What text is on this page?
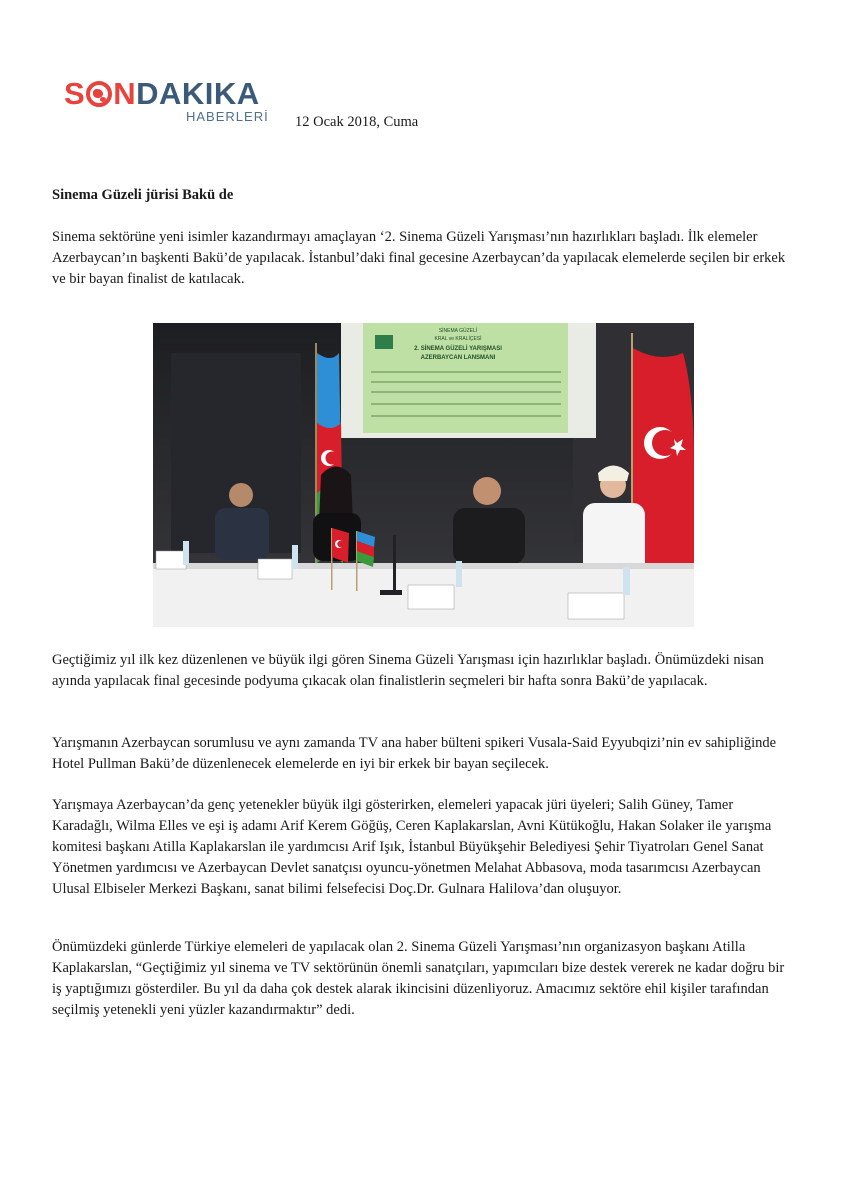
S NDAKIKA
HABERLERİ 12 Ocak 2018, Cuma
Sinema Güzeli jürisi Bakü de

Sinema sektörüne yeni isimler kazandırmayı amaçlayan ‘2. Sinema Güzeli Yarışması’nın hazırlıkları başladı. İlk elemeler Azerbaycan’ın başkenti Bakü’de yapılacak. İstanbul’daki final gecesine Azerbaycan’da yapılacak elemelerde seçilen bir erkek ve bir bayan finalist de katılacak.

SİNEMA GÜZELİ
KRAL ve KRALİÇESİ
2. SİNEMA GÜZELİ YARIŞMASI
AZERBAYCAN LANSMANI

Geçtiğimiz yıl ilk kez düzenlenen ve büyük ilgi gören Sinema Güzeli Yarışması için hazırlıklar başladı. Önümüzdeki nisan ayında yapılacak final gecesinde podyuma çıkacak olan finalistlerin seçmeleri bir hafta sonra Bakü’de yapılacak.

Yarışmanın Azerbaycan sorumlusu ve aynı zamanda TV ana haber bülteni spikeri Vusala-Said Eyyubqizi’nin ev sahipliğinde Hotel Pullman Bakü’de düzenlenecek elemelerde en iyi bir erkek bir bayan seçilecek.

Yarışmaya Azerbaycan’da genç yetenekler büyük ilgi gösterirken, elemeleri yapacak jüri üyeleri; Salih Güney, Tamer Karadağlı, Wilma Elles ve eşi iş adamı Arif Kerem Göğüş, Ceren Kaplakarslan, Avni Kütükoğlu, Hakan Solaker ile yarışma komitesi başkanı Atilla Kaplakarslan ile yardımcısı Arif Işık, İstanbul Büyükşehir Belediyesi Şehir Tiyatroları Genel Sanat Yönetmen yardımcısı ve Azerbaycan Devlet sanatçısı oyuncu-yönetmen Melahat Abbasova, moda tasarımcısı Azerbaycan Ulusal Elbiseler Merkezi Başkanı, sanat bilimi felsefecisi Doç.Dr. Gulnara Halilova’dan oluşuyor.

Önümüzdeki günlerde Türkiye elemeleri de yapılacak olan 2. Sinema Güzeli Yarışması’nın organizasyon başkanı Atilla Kaplakarslan, “Geçtiğimiz yıl sinema ve TV sektörünün önemli sanatçıları, yapımcıları bize destek vererek ne kadar doğru bir iş yaptığımızı gösterdiler. Bu yıl da daha çok destek alarak ikincisini düzenliyoruz. Amacımız sektöre ehil kişiler tarafından seçilmiş yetenekli yeni yüzler kazandırmaktır” dedi.
